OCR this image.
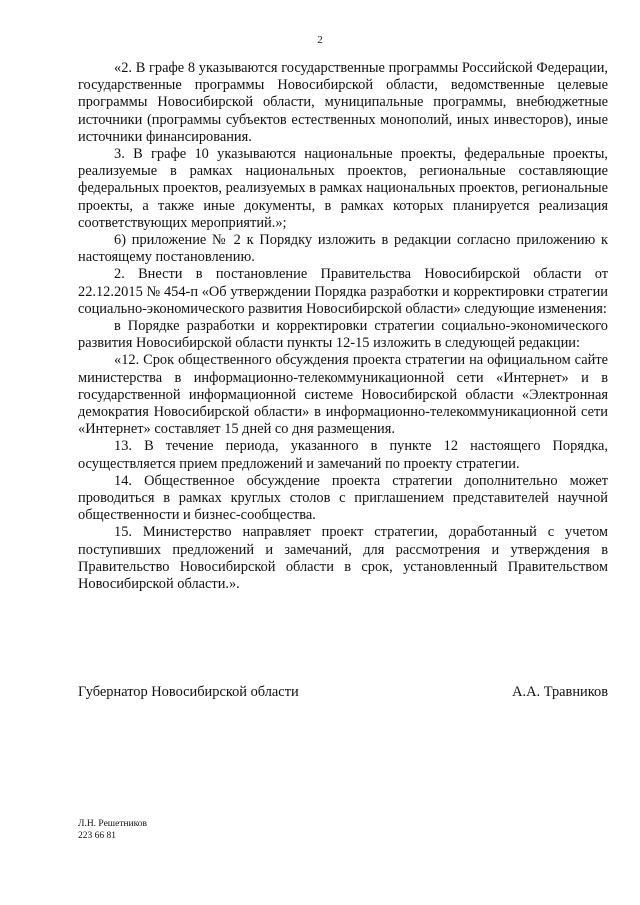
2

«2. В графе 8 указываются государственные программы Российской Федерации, государственные программы Новосибирской области, ведомственные целевые программы Новосибирской области, муниципальные программы, внебюджетные источники (программы субъектов естественных монополий, иных инвесторов), иные источники финансирования.

3. В графе 10 указываются национальные проекты, федеральные проекты, реализуемые в рамках национальных проектов, региональные составляющие федеральных проектов, реализуемых в рамках национальных проектов, региональные проекты, а также иные документы, в рамках которых планируется реализация соответствующих мероприятий.»;

6) приложение № 2 к Порядку изложить в редакции согласно приложению к настоящему постановлению.

2. Внести в постановление Правительства Новосибирской области от 22.12.2015 № 454-п «Об утверждении Порядка разработки и корректировки стратегии социально-экономического развития Новосибирской области» следующие изменения:

в Порядке разработки и корректировки стратегии социально-экономического развития Новосибирской области пункты 12-15 изложить в следующей редакции:

«12. Срок общественного обсуждения проекта стратегии на официальном сайте министерства в информационно-телекоммуникационной сети «Интернет» и в государственной информационной системе Новосибирской области «Электронная демократия Новосибирской области» в информационно-телекоммуникационной сети «Интернет» составляет 15 дней со дня размещения.

13. В течение периода, указанного в пункте 12 настоящего Порядка, осуществляется прием предложений и замечаний по проекту стратегии.

14. Общественное обсуждение проекта стратегии дополнительно может проводиться в рамках круглых столов с приглашением представителей научной общественности и бизнес-сообщества.

15. Министерство направляет проект стратегии, доработанный с учетом поступивших предложений и замечаний, для рассмотрения и утверждения в Правительство Новосибирской области в срок, установленный Правительством Новосибирской области.».

Губернатор Новосибирской области	А.А. Травников
Л.Н. Решетников
223 66 81
